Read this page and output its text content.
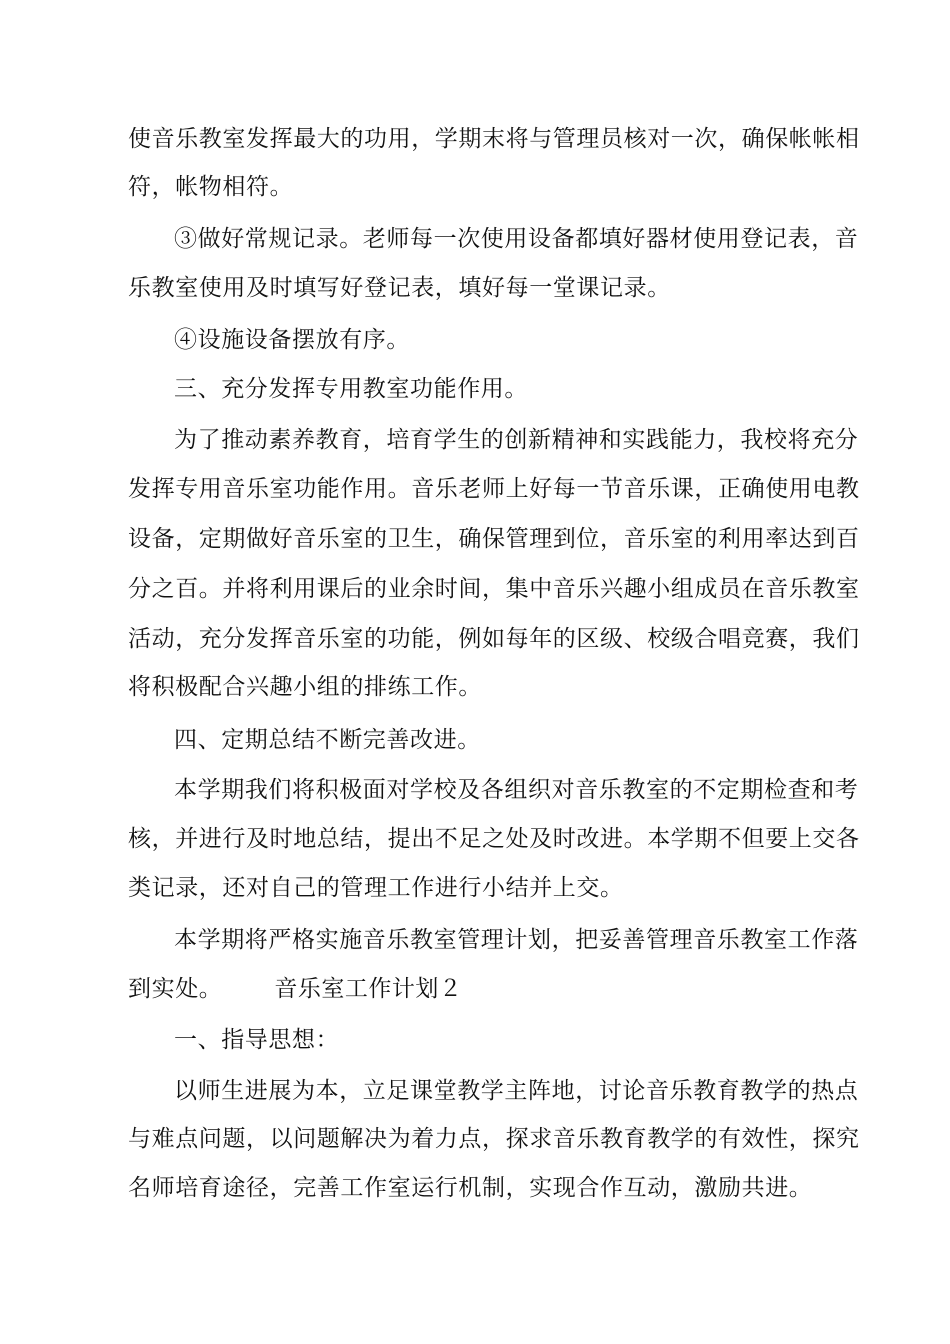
使音乐教室发挥最大的功用，学期末将与管理员核对一次，确保帐帐相
符，帐物相符。
③做好常规记录。老师每一次使用设备都填好器材使用登记表，音
乐教室使用及时填写好登记表，填好每一堂课记录。
④设施设备摆放有序。
三、充分发挥专用教室功能作用。
为了推动素养教育，培育学生的创新精神和实践能力，我校将充分
发挥专用音乐室功能作用。音乐老师上好每一节音乐课，正确使用电教
设备，定期做好音乐室的卫生，确保管理到位，音乐室的利用率达到百
分之百。并将利用课后的业余时间，集中音乐兴趣小组成员在音乐教室
活动，充分发挥音乐室的功能，例如每年的区级、校级合唱竞赛，我们
将积极配合兴趣小组的排练工作。
四、定期总结不断完善改进。
本学期我们将积极面对学校及各组织对音乐教室的不定期检查和考
核，并进行及时地总结，提出不足之处及时改进。本学期不但要上交各
类记录，还对自己的管理工作进行小结并上交。
本学期将严格实施音乐教室管理计划，把妥善管理音乐教室工作落
到实处。 音乐室工作计划２
一、指导思想：
以师生进展为本，立足课堂教学主阵地，讨论音乐教育教学的热点
与难点问题，以问题解决为着力点，探求音乐教育教学的有效性，探究
名师培育途径，完善工作室运行机制，实现合作互动，激励共进。
